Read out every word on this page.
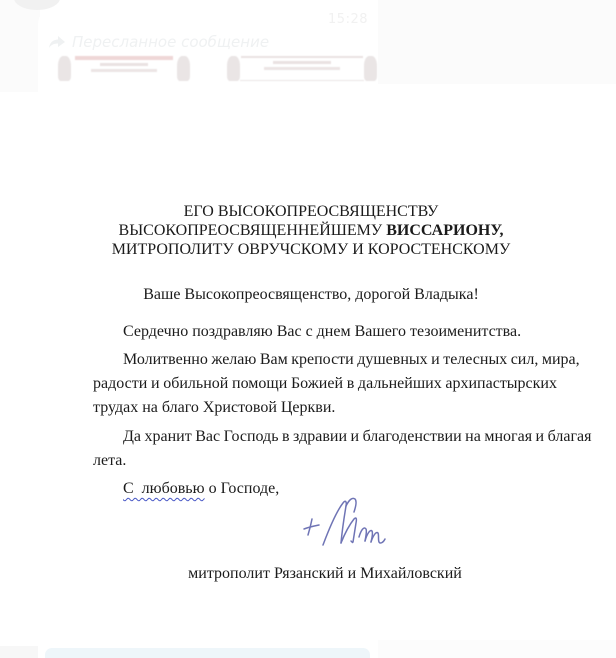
15:28
Пересланное сообщение
ЕГО ВЫСОКОПРЕОСВЯЩЕНСТВУ
ВЫСОКОПРЕОСВЯЩЕННЕЙШЕМУ ВИССАРИОНУ,
МИТРОПОЛИТУ ОВРУЧСКОМУ И КОРОСТЕНСКОМУ
Ваше Высокопреосвященство, дорогой Владыка!

Сердечно поздравляю Вас с днем Вашего тезоименитства.

Молитвенно желаю Вам крепости душевных и телесных сил, мира,
радости и обильной помощи Божией в дальнейших архипастырских
трудах на благо Христовой Церкви.

Да хранит Вас Господь в здравии и благоденствии на многая и благая
лета.

С  любовью о Господе,
митрополит Рязанский и Михайловский
